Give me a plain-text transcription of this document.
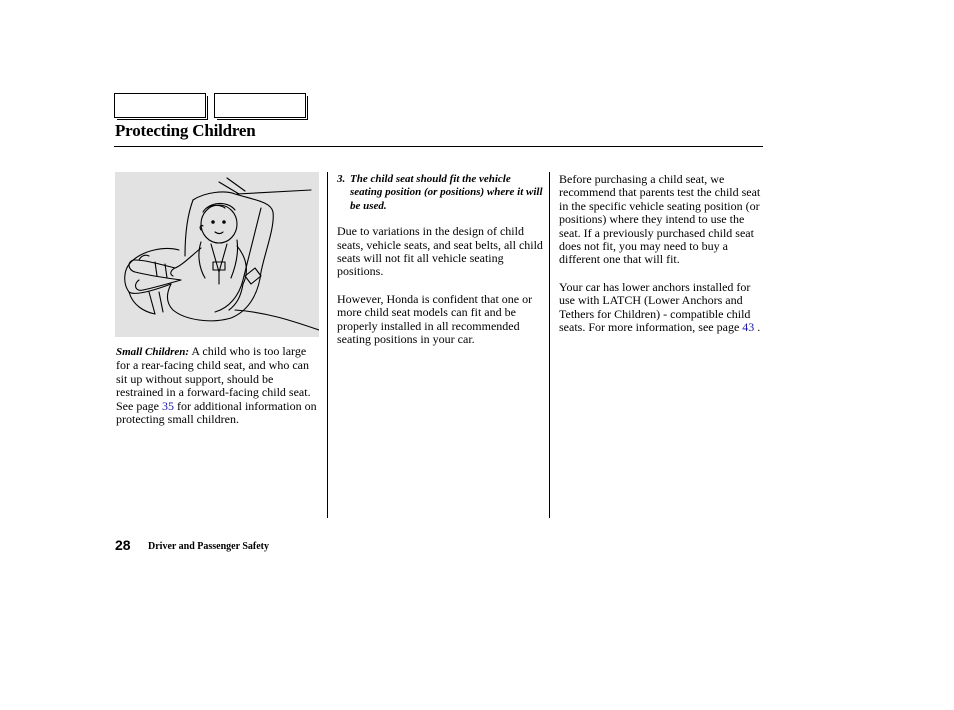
Protecting Children

Small Children: A child who is too large for a rear-facing child seat, and who can sit up without support, should be restrained in a forward-facing child seat. See page 35 for additional information on protecting small children.

3. The child seat should fit the vehicle seating position (or positions) where it will be used.

Due to variations in the design of child seats, vehicle seats, and seat belts, all child seats will not fit all vehicle seating positions.

However, Honda is confident that one or more child seat models can fit and be properly installed in all recommended seating positions in your car.

Before purchasing a child seat, we recommend that parents test the child seat in the specific vehicle seating position (or positions) where they intend to use the seat. If a previously purchased child seat does not fit, you may need to buy a different one that will fit.

Your car has lower anchors installed for use with LATCH (Lower Anchors and Tethers for Children) - compatible child seats. For more information, see page 43 .

28 Driver and Passenger Safety
